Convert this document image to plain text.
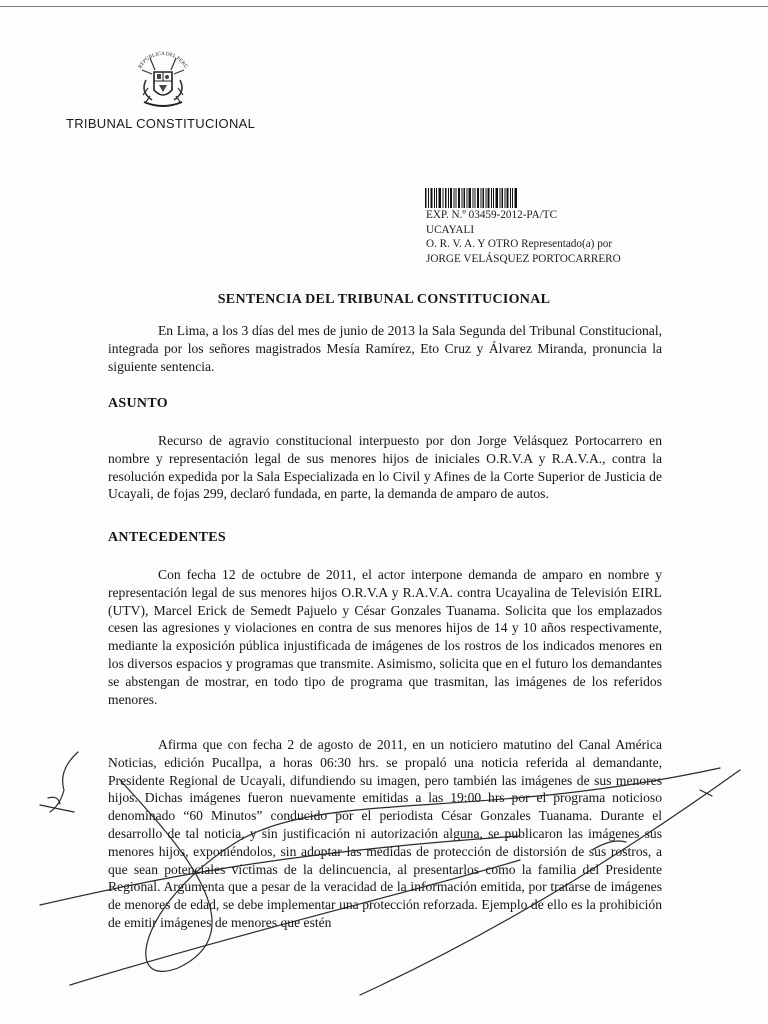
REPÚBLICA DEL PERÚ
TRIBUNAL CONSTITUCIONAL
EXP. N.º 03459-2012-PA/TC
UCAYALI
O. R. V. A. Y OTRO Representado(a) por
JORGE VELÁSQUEZ PORTOCARRERO
SENTENCIA DEL TRIBUNAL CONSTITUCIONAL
En Lima, a los 3 días del mes de junio de 2013 la Sala Segunda del Tribunal Constitucional, integrada por los señores magistrados Mesía Ramírez, Eto Cruz y Álvarez Miranda, pronuncia la siguiente sentencia.
ASUNTO
Recurso de agravio constitucional interpuesto por don Jorge Velásquez Portocarrero en nombre y representación legal de sus menores hijos de iniciales O.R.V.A y R.A.V.A., contra la resolución expedida por la Sala Especializada en lo Civil y Afines de la Corte Superior de Justicia de Ucayali, de fojas 299, declaró fundada, en parte, la demanda de amparo de autos.
ANTECEDENTES
Con fecha 12 de octubre de 2011, el actor interpone demanda de amparo en nombre y representación legal de sus menores hijos O.R.V.A y R.A.V.A. contra Ucayalina de Televisión EIRL (UTV), Marcel Erick de Semedt Pajuelo y César Gonzales Tuanama. Solicita que los emplazados cesen las agresiones y violaciones en contra de sus menores hijos de 14 y 10 años respectivamente, mediante la exposición pública injustificada de imágenes de los rostros de los indicados menores en los diversos espacios y programas que transmite. Asimismo, solicita que en el futuro los demandantes se abstengan de mostrar, en todo tipo de programa que trasmitan, las imágenes de los referidos menores.
Afirma que con fecha 2 de agosto de 2011, en un noticiero matutino del Canal América Noticias, edición Pucallpa, a horas 06:30 hrs. se propaló una noticia referida al demandante, Presidente Regional de Ucayali, difundiendo su imagen, pero también las imágenes de sus menores hijos. Dichas imágenes fueron nuevamente emitidas a las 19:00 hrs por el programa noticioso denominado “60 Minutos” conducido por el periodista César Gonzales Tuanama. Durante el desarrollo de tal noticia, y sin justificación ni autorización alguna, se publicaron las imágenes sus menores hijos, exponiéndolos, sin adoptar las medidas de protección de distorsión de sus rostros, a que sean potenciales víctimas de la delincuencia, al presentarlos como la familia del Presidente Regional. Argumenta que a pesar de la veracidad de la información emitida, por tratarse de imágenes de menores de edad, se debe implementar una protección reforzada. Ejemplo de ello es la prohibición de emitir imágenes de menores que estén
